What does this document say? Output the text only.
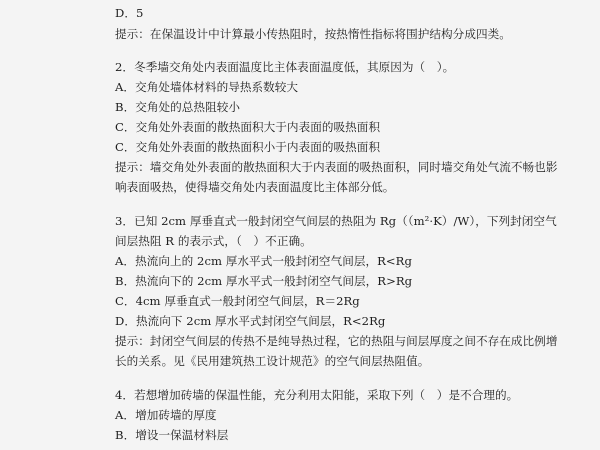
D．5
提示：在保温设计中计算最小传热阻时，按热惰性指标将围护结构分成四类。
2．冬季墙交角处内表面温度比主体表面温度低，其原因为（　）。
A．交角处墙体材料的导热系数较大
B．交角处的总热阻较小
C．交角处外表面的散热面积大于内表面的吸热面积
C．交角处外表面的散热面积小于内表面的吸热面积
提示：墙交角处外表面的散热面积大于内表面的吸热面积，同时墙交角处气流不畅也影
响表面吸热，使得墙交角处内表面温度比主体部分低。
3．已知 2cm 厚垂直式一般封闭空气间层的热阻为 Rg（（m²·K）/W），下列封闭空气
间层热阻 R 的表示式，（　）不正确。
A．热流向上的 2cm 厚水平式一般封闭空气间层，R<Rg
B．热流向下的 2cm 厚水平式一般封闭空气间层，R>Rg
C．4cm 厚垂直式一般封闭空气间层，R＝2Rg
D．热流向下 2cm 厚水平式封闭空气间层，R<2Rg
提示：封闭空气间层的传热不是纯导热过程，它的热阻与间层厚度之间不存在成比例增
长的关系。见《民用建筑热工设计规范》的空气间层热阻值。
4．若想增加砖墙的保温性能，充分利用太阳能，采取下列（　）是不合理的。
A．增加砖墙的厚度
B．增设一保温材料层
